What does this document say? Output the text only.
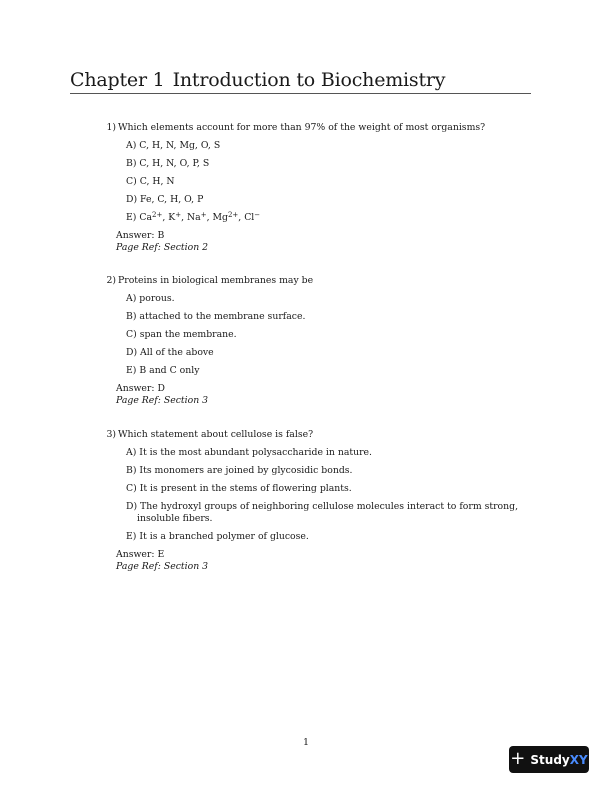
Chapter 1 Introduction to Biochemistry
1) Which elements account for more than 97% of the weight of most organisms?
A) C, H, N, Mg, O, S
B) C, H, N, O, P, S
C) C, H, N
D) Fe, C, H, O, P
E) $Ca^{2+}$, K+, Na+, $Mg^{2+}$, Cl−
Answer: B
Page Ref: Section 2
2) Proteins in biological membranes may be
A) porous.
B) attached to the membrane surface.
C) span the membrane.
D) All of the above
E) B and C only
Answer: D
Page Ref: Section 3
3) Which statement about cellulose is false?
A) It is the most abundant polysaccharide in nature.
B) Its monomers are joined by glycosidic bonds.
C) It is present in the stems of flowering plants.
D) The hydroxyl groups of neighboring cellulose molecules interact to form strong, insoluble fibers.
E) It is a branched polymer of glucose.
Answer: E
Page Ref: Section 3
1
+ StudyXY
